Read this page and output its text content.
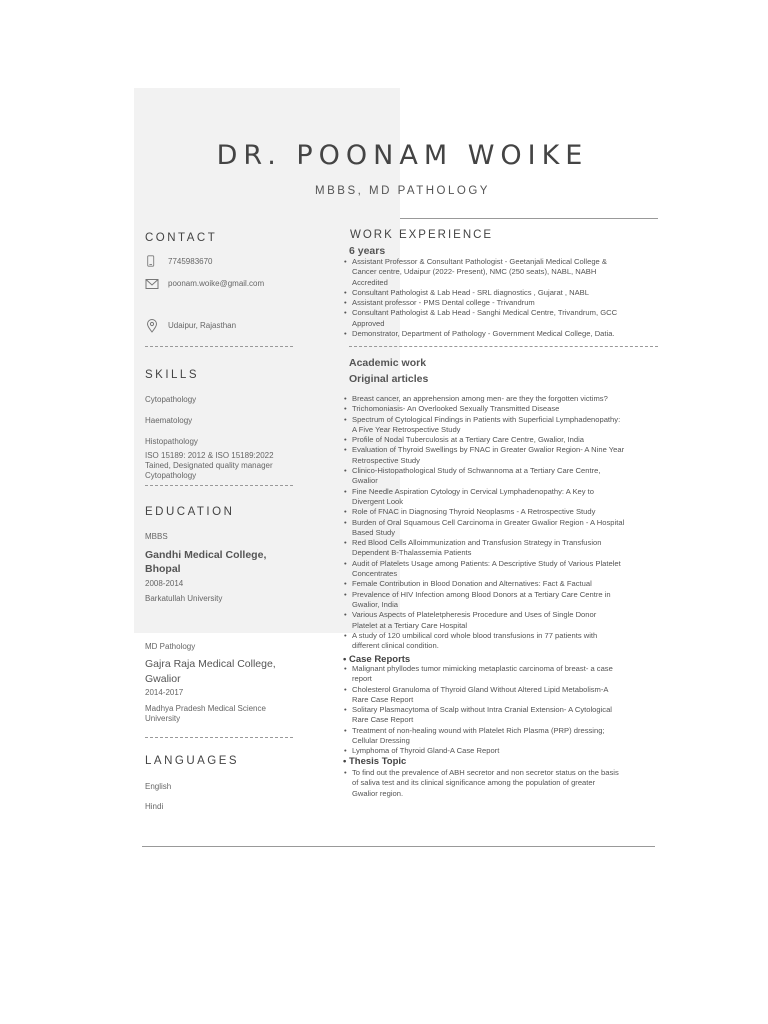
DR. POONAM WOIKE
MBBS, MD PATHOLOGY
CONTACT
7745983670
poonam.woike@gmail.com
Udaipur, Rajasthan
SKILLS
Cytopathology
Haematology
Histopathology
ISO 15189: 2012 & ISO 15189:2022
Tained, Designated quality manager
Cytopathology
EDUCATION
MBBS
Gandhi Medical College,
Bhopal
2008-2014
Barkatullah University
MD Pathology
Gajra Raja Medical College,
Gwalior
2014-2017
Madhya Pradesh Medical Science
University
LANGUAGES
English
Hindi
WORK EXPERIENCE
6 years
• Assistant Professor & Consultant Pathologist - Geetanjali Medical College &
Cancer centre, Udaipur (2022- Present), NMC (250 seats), NABL, NABH
Accredited
• Consultant Pathologist & Lab Head - SRL diagnostics , Gujarat , NABL
• Assistant professor - PMS Dental college - Trivandrum
• Consultant Pathologist & Lab Head - Sanghi Medical Centre, Trivandrum, GCC
Approved
• Demonstrator, Department of Pathology - Government Medical College, Datia.
Academic work
Original articles
• Breast cancer, an apprehension among men- are they the forgotten victims?
• Trichomoniasis- An Overlooked Sexually Transmitted Disease
• Spectrum of Cytological Findings in Patients with Superficial Lymphadenopathy:
A Five Year Retrospective Study
• Profile of Nodal Tuberculosis at a Tertiary Care Centre, Gwalior, India
• Evaluation of Thyroid Swellings by FNAC in Greater Gwalior Region- A Nine Year
Retrospective Study
• Clinico-Histopathological Study of Schwannoma at a Tertiary Care Centre,
Gwalior
• Fine Needle Aspiration Cytology in Cervical Lymphadenopathy: A Key to
Divergent Look
• Role of FNAC in Diagnosing Thyroid Neoplasms - A Retrospective Study
• Burden of Oral Squamous Cell Carcinoma in Greater Gwalior Region - A Hospital
Based Study
• Red Blood Cells Alloimmunization and Transfusion Strategy in Transfusion
Dependent B-Thalassemia Patients
• Audit of Platelets Usage among Patients: A Descriptive Study of Various Platelet
Concentrates
• Female Contribution in Blood Donation and Alternatives: Fact & Factual
• Prevalence of HIV Infection among Blood Donors at a Tertiary Care Centre in
Gwalior, India
• Various Aspects of Plateletpheresis Procedure and Uses of Single Donor
Platelet at a Tertiary Care Hospital
• A study of 120 umbilical cord whole blood transfusions in 77 patients with
different clinical condition.
• Case Reports
• Malignant phyllodes tumor mimicking metaplastic carcinoma of breast- a case
report
• Cholesterol Granuloma of Thyroid Gland Without Altered Lipid Metabolism-A
Rare Case Report
• Solitary Plasmacytoma of Scalp without Intra Cranial Extension- A Cytological
Rare Case Report
• Treatment of non-healing wound with Platelet Rich Plasma (PRP) dressing;
Cellular Dressing
• Lymphoma of Thyroid Gland-A Case Report
• Thesis Topic
• To find out the prevalence of ABH secretor and non secretor status on the basis
of saliva test and its clinical significance among the population of greater
Gwalior region.
